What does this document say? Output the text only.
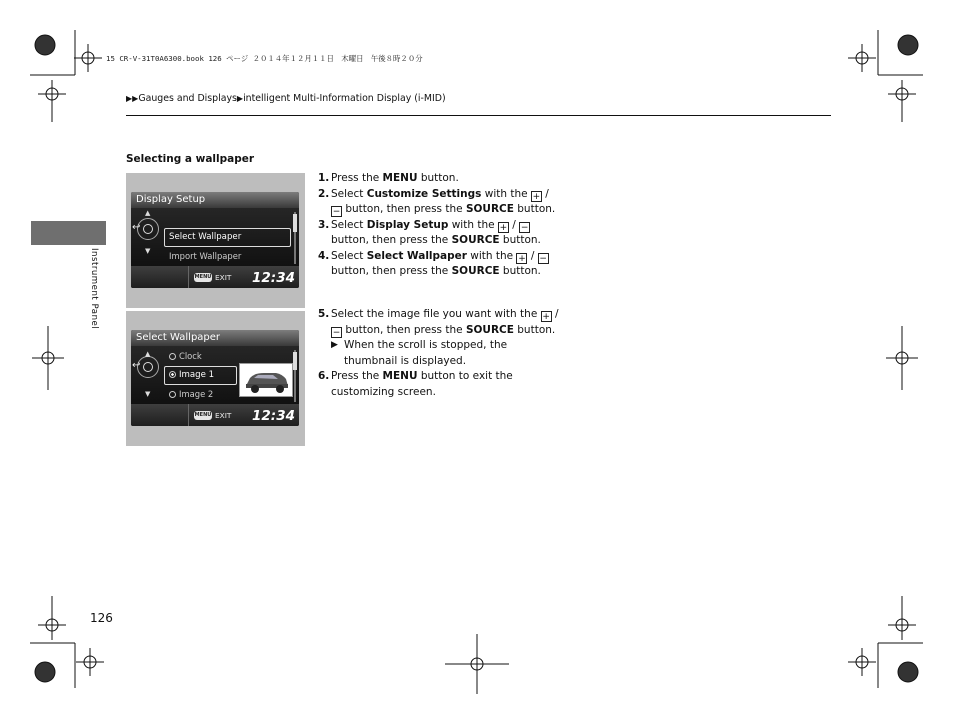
15 CR-V-31T0A6300.book 126 ページ ２０１４年１２月１１日　木曜日　午後８時２０分
▶▶Gauges and Displays▶intelligent Multi-Information Display (i-MID)
Instrument Panel
Selecting a wallpaper
Display Setup
▲
▼
↩
Select Wallpaper
Import Wallpaper
MENU EXIT 12:34
Select Wallpaper
▲
▼
↩
Clock
Image 1
Image 2
MENU EXIT 12:34
1. Press the MENU button.
2. Select Customize Settings with the + /
− button, then press the SOURCE button.
3. Select Display Setup with the + / −
button, then press the SOURCE button.
4. Select Select Wallpaper with the + / −
button, then press the SOURCE button.
5. Select the image file you want with the + /
− button, then press the SOURCE button.
▶ When the scroll is stopped, the thumbnail is displayed.
6. Press the MENU button to exit the customizing screen.
126
